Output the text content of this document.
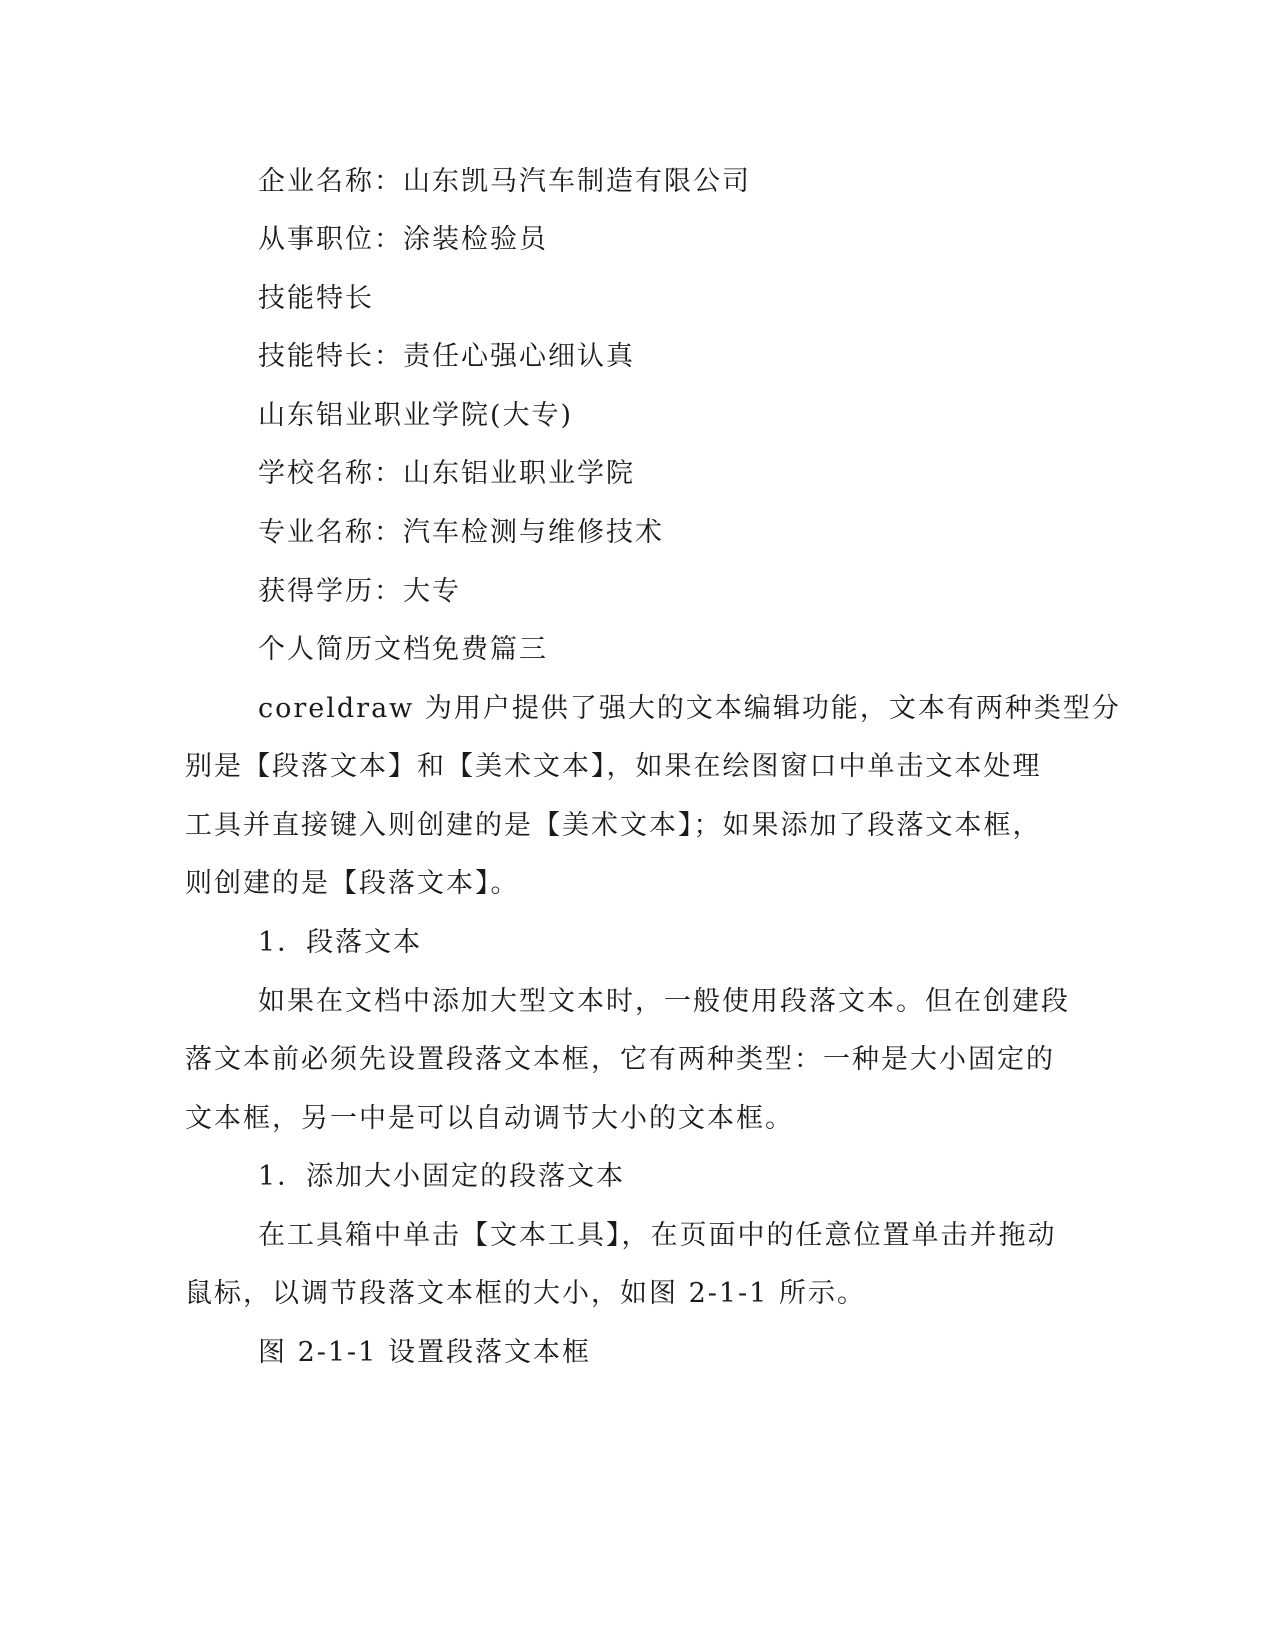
企业名称：山东凯马汽车制造有限公司
从事职位：涂装检验员
技能特长
技能特长：责任心强心细认真
山东铝业职业学院(大专)
学校名称：山东铝业职业学院
专业名称：汽车检测与维修技术
获得学历：大专
个人简历文档免费篇三
coreldraw 为用户提供了强大的文本编辑功能，文本有两种类型分
别是【段落文本】和【美术文本】，如果在绘图窗口中单击文本处理
工具并直接键入则创建的是【美术文本】；如果添加了段落文本框，
则创建的是【段落文本】。
1．段落文本
如果在文档中添加大型文本时，一般使用段落文本。但在创建段
落文本前必须先设置段落文本框，它有两种类型：一种是大小固定的
文本框，另一中是可以自动调节大小的文本框。
1．添加大小固定的段落文本
在工具箱中单击【文本工具】，在页面中的任意位置单击并拖动
鼠标，以调节段落文本框的大小，如图 2-1-1 所示。
图 2-1-1 设置段落文本框
